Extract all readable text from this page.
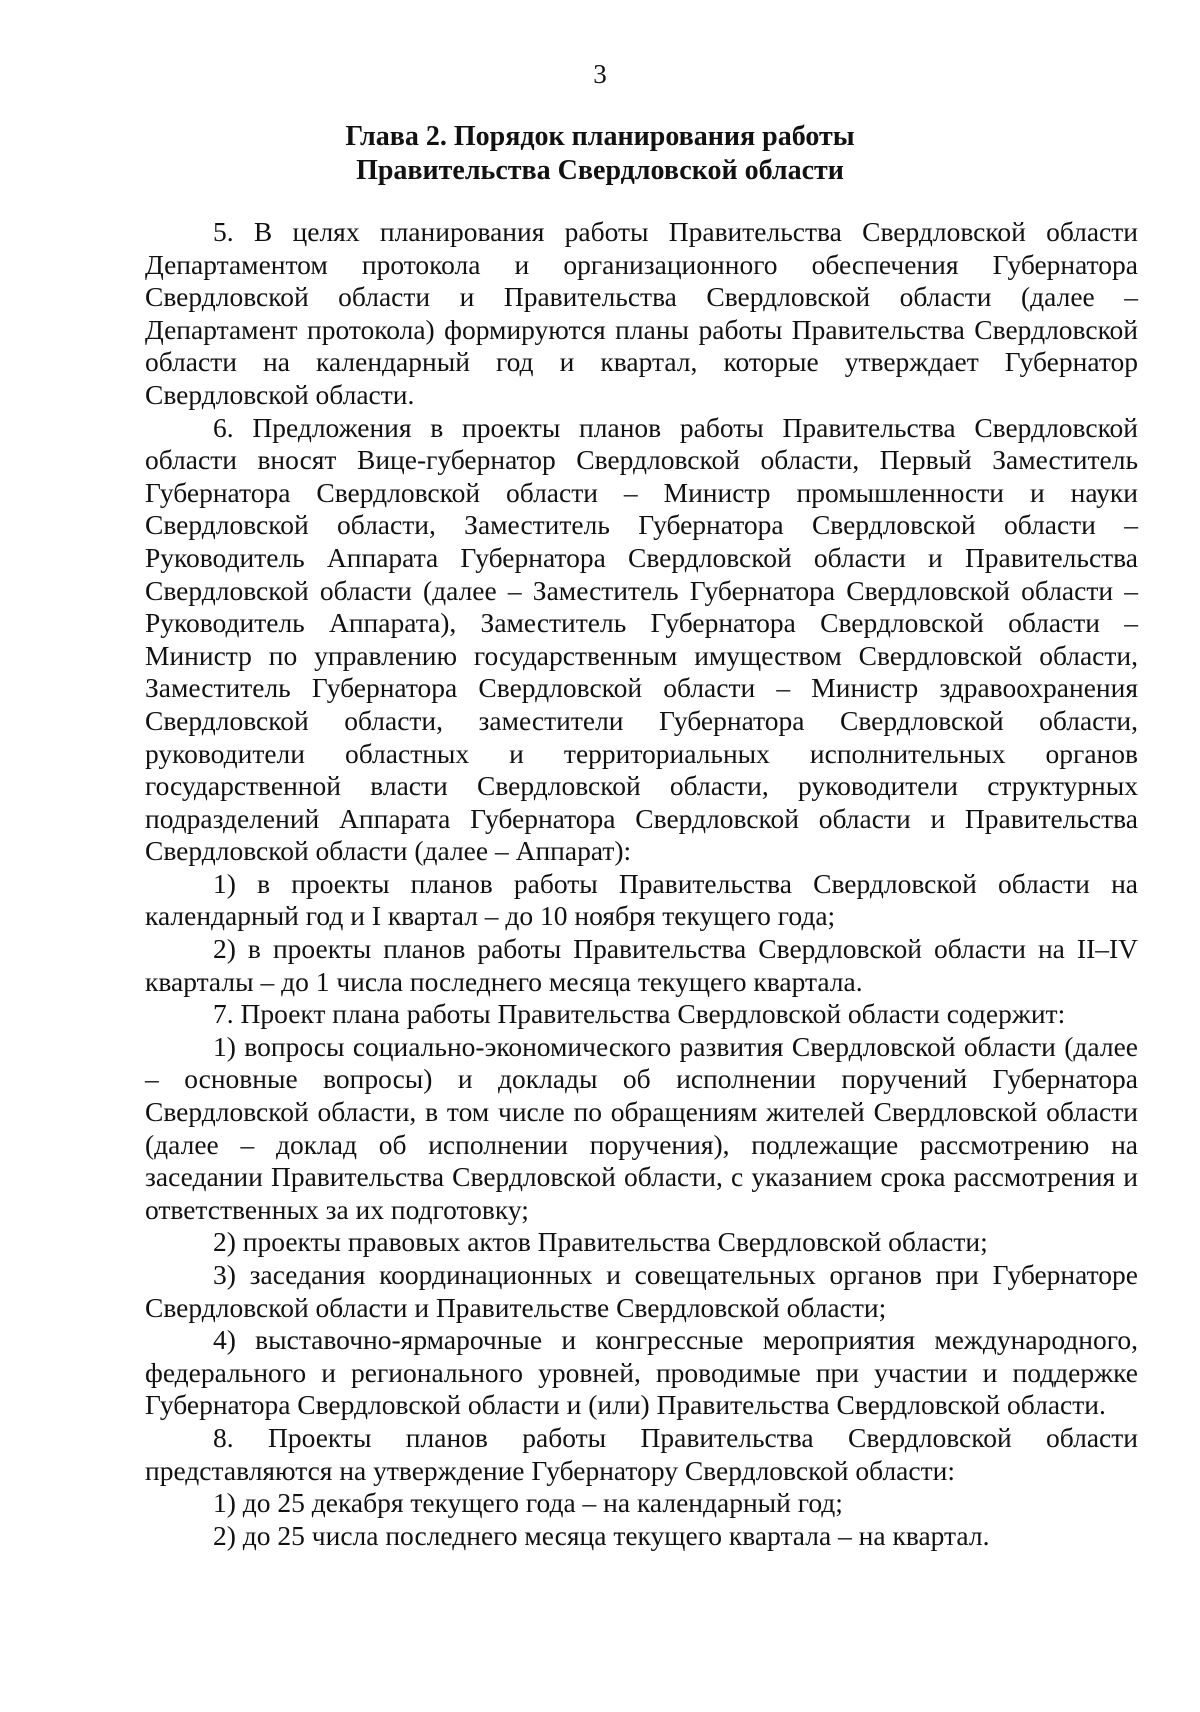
3
Глава 2. Порядок планирования работы
Правительства Свердловской области

5. В целях планирования работы Правительства Свердловской области Департаментом протокола и организационного обеспечения Губернатора Свердловской области и Правительства Свердловской области (далее – Департамент протокола) формируются планы работы Правительства Свердловской области на календарный год и квартал, которые утверждает Губернатор Свердловской области.

6. Предложения в проекты планов работы Правительства Свердловской области вносят Вице-губернатор Свердловской области, Первый Заместитель Губернатора Свердловской области – Министр промышленности и науки Свердловской области, Заместитель Губернатора Свердловской области – Руководитель Аппарата Губернатора Свердловской области и Правительства Свердловской области (далее – Заместитель Губернатора Свердловской области – Руководитель Аппарата), Заместитель Губернатора Свердловской области – Министр по управлению государственным имуществом Свердловской области, Заместитель Губернатора Свердловской области – Министр здравоохранения Свердловской области, заместители Губернатора Свердловской области, руководители областных и территориальных исполнительных органов государственной власти Свердловской области, руководители структурных подразделений Аппарата Губернатора Свердловской области и Правительства Свердловской области (далее – Аппарат):

1) в проекты планов работы Правительства Свердловской области на календарный год и I квартал – до 10 ноября текущего года;

2) в проекты планов работы Правительства Свердловской области на II–IV кварталы – до 1 числа последнего месяца текущего квартала.

7. Проект плана работы Правительства Свердловской области содержит:

1) вопросы социально-экономического развития Свердловской области (далее – основные вопросы) и доклады об исполнении поручений Губернатора Свердловской области, в том числе по обращениям жителей Свердловской области (далее – доклад об исполнении поручения), подлежащие рассмотрению на заседании Правительства Свердловской области, с указанием срока рассмотрения и ответственных за их подготовку;

2) проекты правовых актов Правительства Свердловской области;

3) заседания координационных и совещательных органов при Губернаторе Свердловской области и Правительстве Свердловской области;

4) выставочно-ярмарочные и конгрессные мероприятия международного, федерального и регионального уровней, проводимые при участии и поддержке Губернатора Свердловской области и (или) Правительства Свердловской области.

8. Проекты планов работы Правительства Свердловской области представляются на утверждение Губернатору Свердловской области:

1) до 25 декабря текущего года – на календарный год;

2) до 25 числа последнего месяца текущего квартала – на квартал.
